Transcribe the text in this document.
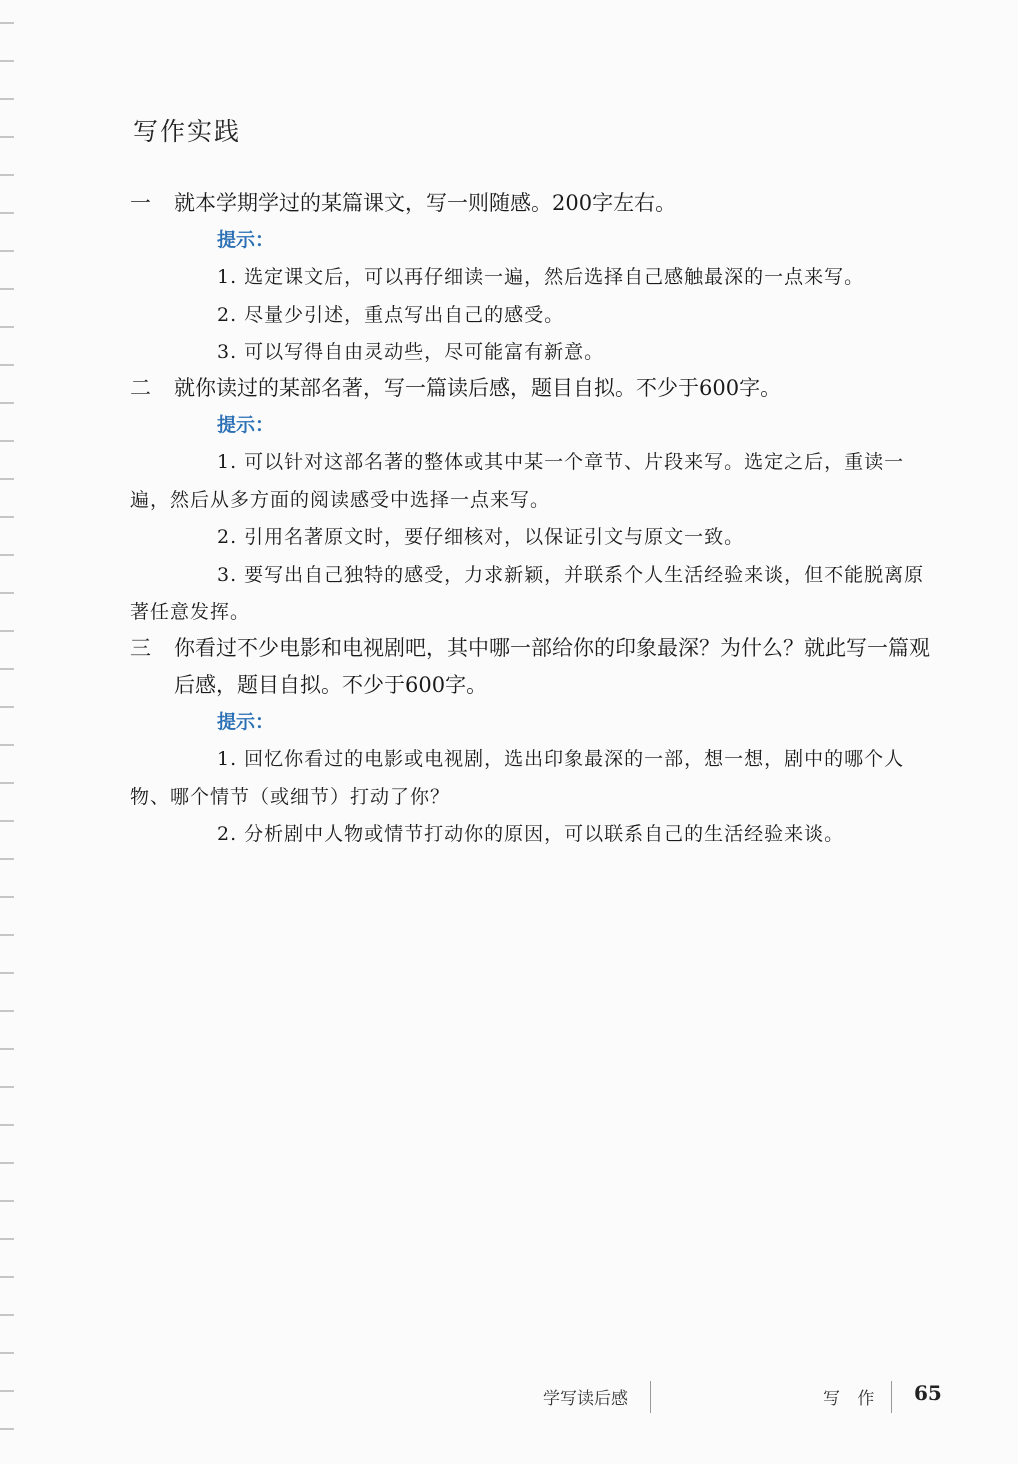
写作实践
一	就本学期学过的某篇课文，写一则随感。200字左右。
提示：
1. 选定课文后，可以再仔细读一遍，然后选择自己感触最深的一点来写。
2. 尽量少引述，重点写出自己的感受。
3. 可以写得自由灵动些，尽可能富有新意。
二	就你读过的某部名著，写一篇读后感，题目自拟。不少于600字。
提示：
1. 可以针对这部名著的整体或其中某一个章节、片段来写。选定之后，重读一遍，然后从多方面的阅读感受中选择一点来写。
2. 引用名著原文时，要仔细核对，以保证引文与原文一致。
3. 要写出自己独特的感受，力求新颖，并联系个人生活经验来谈，但不能脱离原著任意发挥。
三	你看过不少电影和电视剧吧，其中哪一部给你的印象最深？为什么？就此写一篇观后感，题目自拟。不少于600字。
提示：
1. 回忆你看过的电影或电视剧，选出印象最深的一部，想一想，剧中的哪个人物、哪个情节（或细节）打动了你？
2. 分析剧中人物或情节打动你的原因，可以联系自己的生活经验来谈。
学写读后感	写 作 65
